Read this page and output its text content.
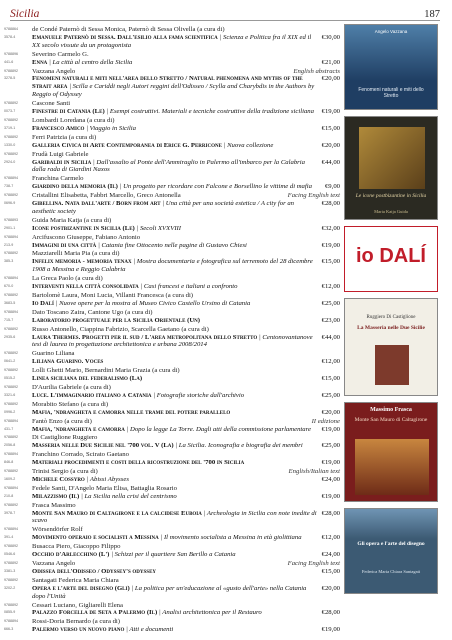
Sicilia	187
9788864	de Condé Paternò di Sessa Monica, Paternò di Sessa Olivella (a cura di)
3578-4	Emanuele Paternò di Sessa. Dall'esilio alla fama scientifica | Scienza e Politica fra il XIX ed il XX secolo vissute da un protagonista
€30,00
9788896	Severino Carmelo G.
441-6	Enna | La città al centro della Sicilia	€21,00
9788892	Vazzana Angelo	English abstracts
3278-5	Fenomeni naturali e miti nell'area dello Stretto / Natural phenomena and myths of the Strait area | Scilla e Cariddi negli Autori reggini dell'Odisseo / Scylla and Charybdis in the Authors by Reggio of Odyssey
€20,00
9788892	Cascone Santi
0073-7	Finestre di Catania (Le) | Esempi costruttivi. Materiali e tecniche costruttive della tradizione siciliana	€19,00
9788892	Lombardi Loredana (a cura di)
3719-1	Francesco Amico | Viaggio in Sicilia	€15,00
9788892	Ferri Patrizia (a cura di)
1330-0	Galleria Civica di Arte Contemporanea di Erice G. Perricone | Nuova collezione	€20,00
9788892	Frudà Luigi Gabriele
2924-0	Garibaldi in Sicilia | Dall'assalto al Ponte dell'Ammiraglio in Palermo all'imbarco per la Calabria dalla rada di Giardini Naxos
€44,00
9788894	Franchina Carmelo
738-7	Giardino della memoria (Il) | Un progetto per ricordare con Falcone e Borsellino le vittime di mafia	€9,00
9788892	Cristallini Elisabetta, Fabbri Marcello, Greco Antonella	Facing English text
0696-9	Gibellina. Nata dall'arte / Born from art | Una città per una società estetica / A city for an aesthetic society
€28,00
9788893	Guida Maria Katja (a cura di)
2901-1	Icone postbizantine in Sicilia (Le) | Secoli XVXVIII	€32,00
9788894	Arcifuscono Giuseppe, Fabiano Antonio
213-9	Immagini di una città | Catania fine Ottocento nelle pagine di Gustavo Chiesi	€19,00
9788892	Mazziarelli Maria Pia (a cura di)
385-3	Infelix memoria - memoria tenax | Mostra documentaria e fotografica sul terremoto del 28 dicembre 1908 a Messina e Reggio Calabria
€15,00
9788894	La Greca Paolo (a cura di)
670-0	Interventi nella città consolidata | Casi francesi e italiani a confronto	€12,00
9788892	Bartolomè Laura, Moni Lucia, Villanti Francesca (a cura di)
3683-5	Io Dalí | Nuove opere per la mostra al Museo Civico Castello Ursino di Catania	€25,00
9788894	Dato Toscano Zaira, Cantone Ugo (a cura di)
715-7	Laboratorio progettuale per la Sicilia Orientale (Un)	€23,00
9788892	Russo Antonello, Ciappina Fabrizio, Scarcella Gaetano (a cura di)
2935-6	Laura Thermes. Progetti per il sud / L'area metropolitana dello Stretto | Centonovantanove tesi di laurea in progettazione architettonica e urbana 2008/2014
€44,00
9788892	Guarino Liliana
0641-2	Liliana Guarino. Voces	€12,00
9788892	Lolli Ghetti Mario, Bernardini Maria Grazia (a cura di)
0515-2	Linea siciliana del federalismo (La)	€15,00
9788892	D'Aurilia Gabriele (a cura di)
3321-6	Luce. L'immaginario italiano a Catania | Fotografie storiche dall'archivio	€25,00
9788892	Morabito Stefano (a cura di)
0996-2	Mafia, 'ndrangheta e camorra nelle trame del potere parallelo	€20,00
9788894	Fantò Enzo (a cura di)	II edizione
431-7	Mafia, 'ndrangheta e camorra | Dopo la legge La Torre. Dagli atti della commissione parlamentare	€19,00
9788892	Di Castiglione Ruggiero
2056-8	Masseria nelle Due Sicilie nel '700 vol. V (La) | La Sicilia. Iconografia e biografia dei membri	€25,00
9788894	Franchino Corrado, Scirato Gaetano
846-8	Materiali procedimenti e costi della ricostruzione del '700 in Sicilia	€19,00
9788892	Trinisi Sergio (a cura di)	English/Italian text
1609-2	Michele Cossyro | Abissi Abysses	€24,00
9788894	Fedele Santi, D'Angelo Maria Elisa, Battaglia Rosario
210-8	Milazzismo (Il) | La Sicilia nella crisi del centrismo	€19,00
9788892	Frasca Massimo
3978-7	Monte San Mauro di Caltagirone e la calcidese Euboia | Archeologia in Sicilia con note inedite di scavo
€28,00
9788894	Wörsendörfer Rolf
391-4	Movimento operaio e socialisti a Messina | Il movimento socialista a Messina in età giolittiana	€12,00
9788892	Busacca Piero, Giacoppo Filippo
0546-6	Occhio d'Arlecchino (L') | Schizzi per il quartiere San Berillo a Catania	€24,00
9788892	Vazzana Angelo	Facing English text
3381-3	Odissea dell'Odisseo / Odyssey's odyssey	€15,00
9788892	Santagati Federica Maria Chiara
3202-2	Opera e l'arte del disegno (Gli) | La politica per un'educazione al «gusto dell'arte» nella Catania dopo l'Unità
€20,00
9788892	Cessari Luciano, Gigliarelli Elena
0855-9	Palazzo Forcella de Seta a Palermo (Il) | Analisi architettonica per il Restauro	€28,00
9788894	Rossi-Doria Bernardo (a cura di)
666-3	Palermo verso un nuovo piano | Atti e documenti	€19,00
Fenomeni naturali e miti dello Stretto
Angelo Vazzana
Le icone postbizantine in Sicilia
Maria Katja Guida
io DALÍ
Ruggiero Di Castiglione
La Masseria nelle Due Sicilie
Massimo Frasca
Monte San Mauro di Caltagirone
Gli opera e l'arte del disegno
Federica Maria Chiara Santagati
